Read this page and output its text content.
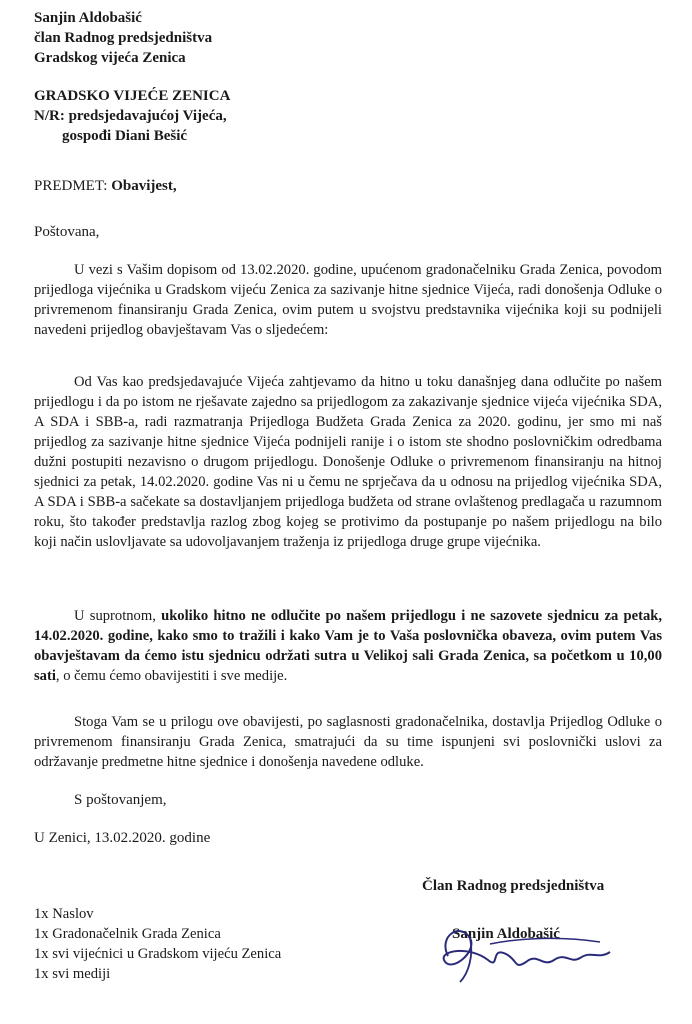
Sanjin Aldobašić
član Radnog predsjedništva
Gradskog vijeća Zenica
GRADSKO VIJEĆE ZENICA
N/R: predsjedavajućoj Vijeća,
gospođi Diani Bešić
PREDMET: Obavijest,
Poštovana,
U vezi s Vašim dopisom od 13.02.2020. godine, upućenom gradonačelniku Grada Zenica, povodom prijedloga vijećnika u Gradskom vijeću Zenica za sazivanje hitne sjednice Vijeća, radi donošenja Odluke o privremenom finansiranju Grada Zenica, ovim putem u svojstvu predstavnika vijećnika koji su podnijeli navedeni prijedlog obavještavam Vas o sljedećem:
Od Vas kao predsjedavajuće Vijeća zahtjevamo da hitno u toku današnjeg dana odlučite po našem prijedlogu i da po istom ne rješavate zajedno sa prijedlogom za zakazivanje sjednice vijeća vijećnika SDA, A SDA i SBB-a, radi razmatranja Prijedloga Budžeta Grada Zenica za 2020. godinu, jer smo mi naš prijedlog za sazivanje hitne sjednice Vijeća podnijeli ranije i o istom ste shodno poslovničkim odredbama dužni postupiti nezavisno o drugom prijedlogu. Donošenje Odluke o privremenom finansiranju na hitnoj sjednici za petak, 14.02.2020. godine Vas ni u čemu ne sprječava da u odnosu na prijedlog vijećnika SDA, A SDA i SBB-a sačekate sa dostavljanjem prijedloga budžeta od strane ovlaštenog predlagača u razumnom roku, što također predstavlja razlog zbog kojeg se protivimo da postupanje po našem prijedlogu na bilo koji način uslovljavate sa udovoljavanjem traženja iz prijedloga druge grupe vijećnika.
U suprotnom, ukoliko hitno ne odlučite po našem prijedlogu i ne sazovete sjednicu za petak, 14.02.2020. godine, kako smo to tražili i kako Vam je to Vaša poslovnička obaveza, ovim putem Vas obavještavam da ćemo istu sjednicu održati sutra u Velikoj sali Grada Zenica, sa početkom u 10,00 sati, o čemu ćemo obavijestiti i sve medije.
Stoga Vam se u prilogu ove obavijesti, po saglasnosti gradonačelnika, dostavlja Prijedlog Odluke o privremenom finansiranju Grada Zenica, smatrajući da su time ispunjeni svi poslovnički uslovi za održavanje predmetne hitne sjednice i donošenja navedene odluke.
S poštovanjem,
U Zenici, 13.02.2020. godine
Član Radnog predsjedništva
Sanjin Aldobašić
1x Naslov
1x Gradonačelnik Grada Zenica
1x svi vijećnici u Gradskom vijeću Zenica
1x svi mediji
